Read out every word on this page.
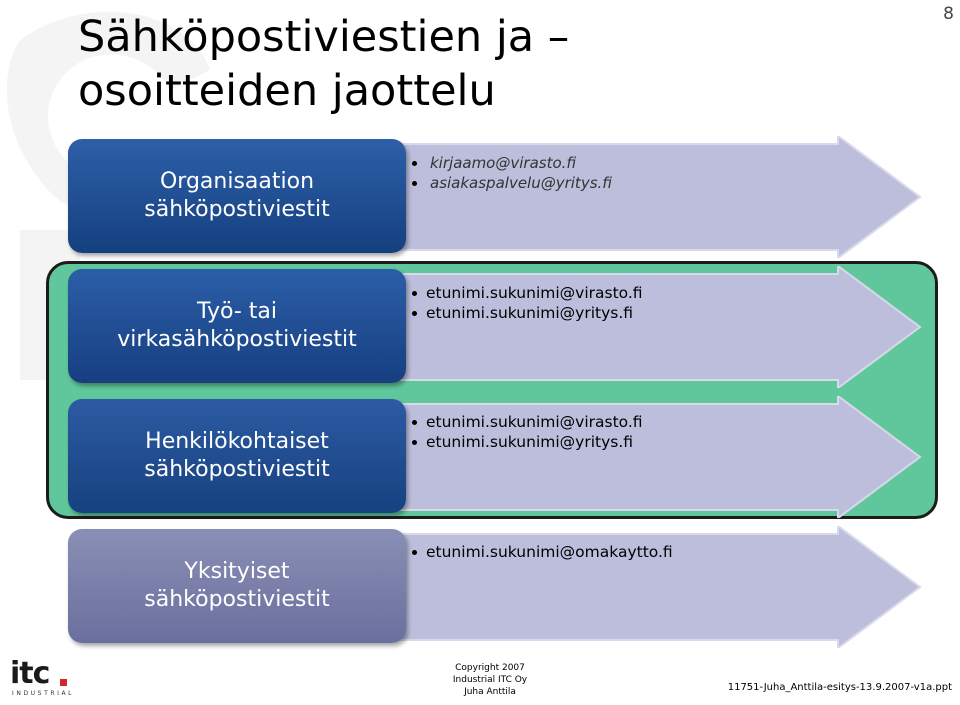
Sähköpostiviestien ja –
osoitteiden jaottelu
8
Organisaation
sähköpostiviestit
Työ- tai
virkasähköpostiviestit
Henkilökohtaiset
sähköpostiviestit
Yksityiset
sähköpostiviestit
kirjaamo@virasto.fi
asiakaspalvelu@yritys.fi
etunimi.sukunimi@virasto.fi
etunimi.sukunimi@yritys.fi
etunimi.sukunimi@virasto.fi
etunimi.sukunimi@yritys.fi
etunimi.sukunimi@omakaytto.fi
itc
INDUSTRIAL
Copyright 2007
Industrial ITC Oy
Juha Anttila	11751-Juha_Anttila-esitys-13.9.2007-v1a.ppt
